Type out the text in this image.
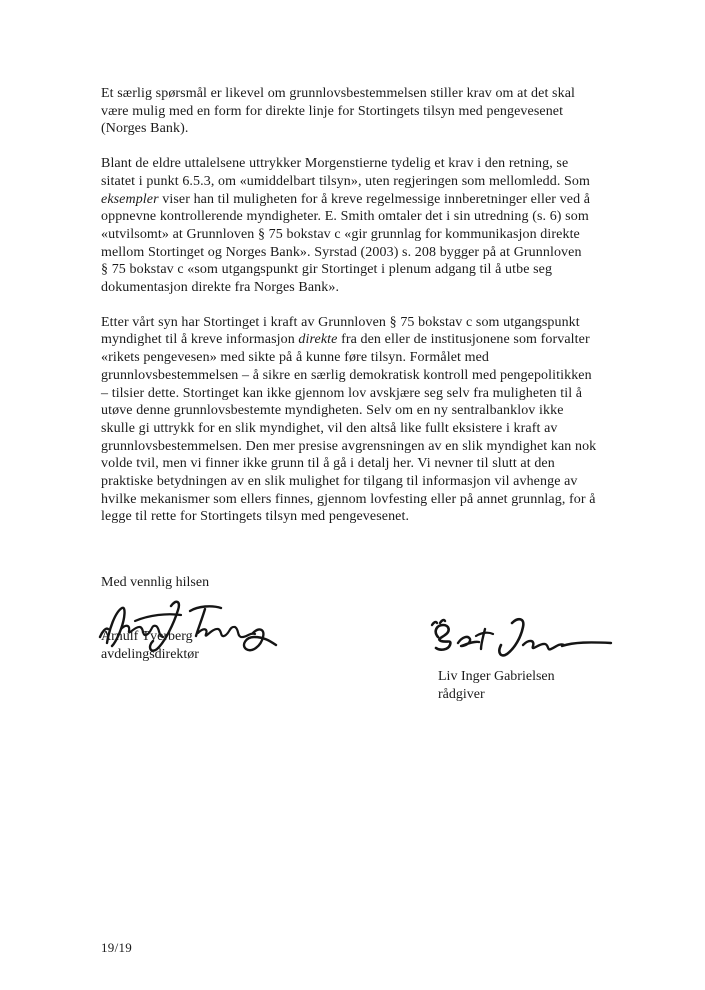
Et særlig spørsmål er likevel om grunnlovsbestemmelsen stiller krav om at det skal
være mulig med en form for direkte linje for Stortingets tilsyn med pengevesenet
(Norges Bank).

Blant de eldre uttalelsene uttrykker Morgenstierne tydelig et krav i den retning, se
sitatet i punkt 6.5.3, om «umiddelbart tilsyn», uten regjeringen som mellomledd. Som
eksempler viser han til muligheten for å kreve regelmessige innberetninger eller ved å
oppnevne kontrollerende myndigheter. E. Smith omtaler det i sin utredning (s. 6) som
«utvilsomt» at Grunnloven § 75 bokstav c «gir grunnlag for kommunikasjon direkte
mellom Stortinget og Norges Bank». Syrstad (2003) s. 208 bygger på at Grunnloven
§ 75 bokstav c «som utgangspunkt gir Stortinget i plenum adgang til å utbe seg
dokumentasjon direkte fra Norges Bank».

Etter vårt syn har Stortinget i kraft av Grunnloven § 75 bokstav c som utgangspunkt
myndighet til å kreve informasjon direkte fra den eller de institusjonene som forvalter
«rikets pengevesen» med sikte på å kunne føre tilsyn. Formålet med
grunnlovsbestemmelsen – å sikre en særlig demokratisk kontroll med pengepolitikken
– tilsier dette. Stortinget kan ikke gjennom lov avskjære seg selv fra muligheten til å
utøve denne grunnlovsbestemte myndigheten. Selv om en ny sentralbanklov ikke
skulle gi uttrykk for en slik myndighet, vil den altså like fullt eksistere i kraft av
grunnlovsbestemmelsen. Den mer presise avgrensningen av en slik myndighet kan nok
volde tvil, men vi finner ikke grunn til å gå i detalj her. Vi nevner til slutt at den
praktiske betydningen av en slik mulighet for tilgang til informasjon vil avhenge av
hvilke mekanismer som ellers finnes, gjennom lovfesting eller på annet grunnlag, for å
legge til rette for Stortingets tilsyn med pengevesenet.

Med vennlig hilsen
Arnulf Tverberg
avdelingsdirektør
Liv Inger Gabrielsen
rådgiver
19/19
